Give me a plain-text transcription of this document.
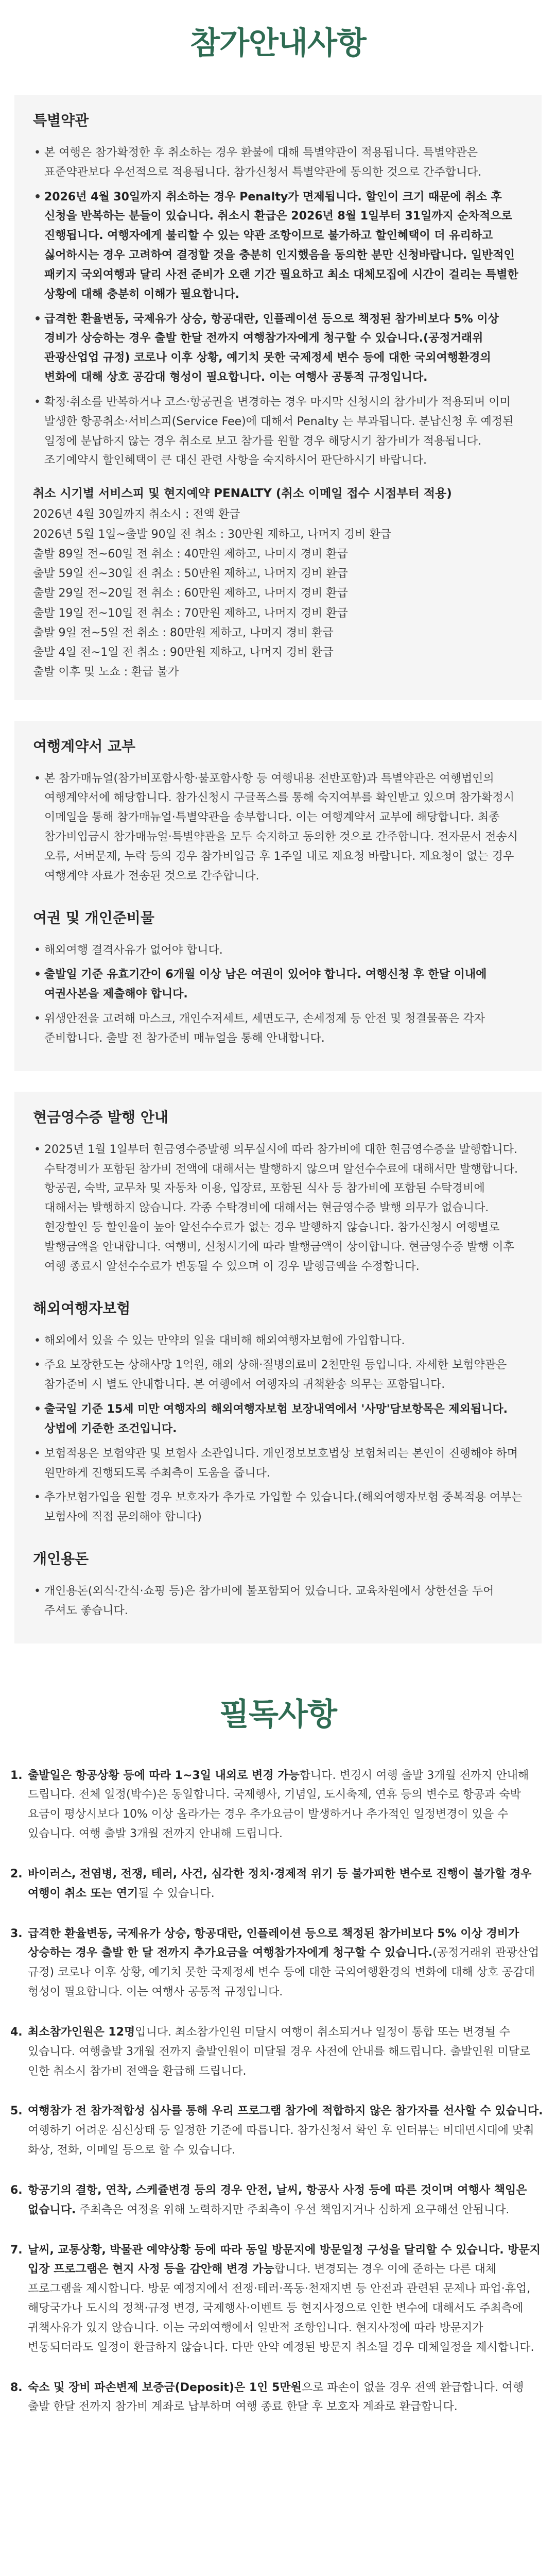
참가안내사항
특별약관
• 본 여행은 참가확정한 후 취소하는 경우 환불에 대해 특별약관이 적용됩니다. 특별약관은 표준약관보다 우선적으로 적용됩니다. 참가신청서 특별약관에 동의한 것으로 간주합니다.
• 2026년 4월 30일까지 취소하는 경우 Penalty가 면제됩니다. 할인이 크기 때문에 취소 후 신청을 반복하는 분들이 있습니다. 취소시 환급은 2026년 8월 1일부터 31일까지 순차적으로 진행됩니다. 여행자에게 불리할 수 있는 약관 조항이므로 불가하고 할인혜택이 더 유리하고 싫어하시는 경우 고려하여 결정할 것을 충분히 인지했음을 동의한 분만 신청바랍니다. 일반적인 패키지 국외여행과 달리 사전 준비가 오랜 기간 필요하고 최소 대체모집에 시간이 걸리는 특별한 상황에 대해 충분히 이해가 필요합니다.
• 급격한 환율변동, 국제유가 상승, 항공대란, 인플레이션 등으로 책정된 참가비보다 5% 이상 경비가 상승하는 경우 출발 한달 전까지 여행참가자에게 청구할 수 있습니다.(공정거래위 관광산업업 규정) 코로나 이후 상황, 예기치 못한 국제정세 변수 등에 대한 국외여행환경의 변화에 대해 상호 공감대 형성이 필요합니다. 이는 여행사 공통적 규정입니다.
• 확정·취소를 반복하거나 코스·항공권을 변경하는 경우 마지막 신청시의 참가비가 적용되며 이미 발생한 항공취소·서비스피(Service Fee)에 대해서 Penalty 는 부과됩니다. 분납신청 후 예정된 일정에 분납하지 않는 경우 취소로 보고 참가를 원할 경우 해당시기 참가비가 적용됩니다. 조기예약시 할인혜택이 큰 대신 관련 사항을 숙지하시어 판단하시기 바랍니다.
취소 시기별 서비스피 및 현지예약 PENALTY (취소 이메일 접수 시점부터 적용)
2026년 4월 30일까지 취소시 : 전액 환급
2026년 5월 1일~출발 90일 전 취소 : 30만원 제하고, 나머지 경비 환급
출발 89일 전~60일 전 취소 : 40만원 제하고, 나머지 경비 환급
출발 59일 전~30일 전 취소 : 50만원 제하고, 나머지 경비 환급
출발 29일 전~20일 전 취소 : 60만원 제하고, 나머지 경비 환급
출발 19일 전~10일 전 취소 : 70만원 제하고, 나머지 경비 환급
출발 9일 전~5일 전 취소 : 80만원 제하고, 나머지 경비 환급
출발 4일 전~1일 전 취소 : 90만원 제하고, 나머지 경비 환급
출발 이후 및 노쇼 : 환급 불가
여행계약서 교부
• 본 참가매뉴얼(참가비포함사항·불포함사항 등 여행내용 전반포함)과 특별약관은 여행법인의 여행계약서에 해당합니다. 참가신청시 구글폭스를 통해 숙지여부를 확인받고 있으며 참가확정시 이메일을 통해 참가매뉴얼·특별약관을 송부합니다. 이는 여행계약서 교부에 해당합니다. 최종 참가비입금시 참가매뉴얼·특별약관을 모두 숙지하고 동의한 것으로 간주합니다. 전자문서 전송시 오류, 서버문제, 누락 등의 경우 참가비입금 후 1주일 내로 재요청 바랍니다. 재요청이 없는 경우 여행계약 자료가 전송된 것으로 간주합니다.
여권 및 개인준비물
• 해외여행 결격사유가 없어야 합니다.
• 출발일 기준 유효기간이 6개월 이상 남은 여권이 있어야 합니다. 여행신청 후 한달 이내에 여권사본을 제출해야 합니다.
• 위생안전을 고려해 마스크, 개인수저세트, 세면도구, 손세정제 등 안전 및 청결물품은 각자 준비합니다. 출발 전 참가준비 매뉴얼을 통해 안내합니다.
현금영수증 발행 안내
• 2025년 1월 1일부터 현금영수증발행 의무실시에 따라 참가비에 대한 현금영수증을 발행합니다. 수탁경비가 포함된 참가비 전액에 대해서는 발행하지 않으며 알선수수료에 대해서만 발행합니다. 항공권, 숙박, 교무차 및 자동차 이용, 입장료, 포함된 식사 등 참가비에 포함된 수탁경비에 대해서는 발행하지 않습니다. 각종 수탁경비에 대해서는 현금영수증 발행 의무가 없습니다. 현장할인 등 할인율이 높아 알선수수료가 없는 경우 발행하지 않습니다. 참가신청시 여행별로 발행금액을 안내합니다. 여행비, 신청시기에 따라 발행금액이 상이합니다. 현금영수증 발행 이후 여행 종료시 알선수수료가 변동될 수 있으며 이 경우 발행금액을 수정합니다.
해외여행자보험
• 해외에서 있을 수 있는 만약의 일을 대비해 해외여행자보험에 가입합니다.
• 주요 보장한도는 상해사망 1억원, 해외 상해·질병의료비 2천만원 등입니다. 자세한 보험약관은 참가준비 시 별도 안내합니다. 본 여행에서 여행자의 귀책환송 의무는 포함됩니다.
• 출국일 기준 15세 미만 여행자의 해외여행자보험 보장내역에서 '사망'담보항목은 제외됩니다. 상법에 기준한 조건입니다.
• 보험적용은 보험약관 및 보험사 소관입니다. 개인정보보호법상 보험처리는 본인이 진행해야 하며 원만하게 진행되도록 주최측이 도움을 줍니다.
• 추가보험가입을 원할 경우 보호자가 추가로 가입할 수 있습니다.(해외여행자보험 중복적용 여부는 보험사에 직접 문의해야 합니다)
개인용돈
• 개인용돈(외식·간식·쇼핑 등)은 참가비에 불포함되어 있습니다. 교육차원에서 상한선을 두어 주셔도 좋습니다.
필독사항
1. 출발일은 항공상황 등에 따라 1~3일 내외로 변경 가능합니다. 변경시 여행 출발 3개월 전까지 안내해 드립니다. 전체 일정(박수)은 동일합니다. 국제행사, 기념일, 도시축제, 연휴 등의 변수로 항공과 숙박 요금이 평상시보다 10% 이상 올라가는 경우 추가요금이 발생하거나 추가적인 일정변경이 있을 수 있습니다. 여행 출발 3개월 전까지 안내해 드립니다.
2. 바이러스, 전염병, 전쟁, 테러, 사건, 심각한 정치·경제적 위기 등 불가피한 변수로 진행이 불가할 경우 여행이 취소 또는 연기될 수 있습니다.
3. 급격한 환율변동, 국제유가 상승, 항공대란, 인플레이션 등으로 책정된 참가비보다 5% 이상 경비가 상승하는 경우 출발 한 달 전까지 추가요금을 여행참가자에게 청구할 수 있습니다.(공정거래위 관광산업 규정) 코로나 이후 상황, 예기치 못한 국제정세 변수 등에 대한 국외여행환경의 변화에 대해 상호 공감대 형성이 필요합니다. 이는 여행사 공통적 규정입니다.
4. 최소참가인원은 12명입니다. 최소참가인원 미달시 여행이 취소되거나 일정이 통합 또는 변경될 수 있습니다. 여행출발 3개월 전까지 출발인원이 미달될 경우 사전에 안내를 해드립니다. 출발인원 미달로 인한 취소시 참가비 전액을 환급해 드립니다.
5. 여행참가 전 참가적합성 심사를 통해 우리 프로그램 참가에 적합하지 않은 참가자를 선사할 수 있습니다. 여행하기 어려운 심신상태 등 일정한 기준에 따릅니다. 참가신청서 확인 후 인터뷰는 비대면시대에 맞춰 화상, 전화, 이메일 등으로 할 수 있습니다.
6. 항공기의 결항, 연착, 스케쥴변경 등의 경우 안전, 날씨, 항공사 사정 등에 따른 것이며 여행사 책임은 없습니다. 주최측은 여정을 위해 노력하지만 주최측이 우선 책임지거나 심하게 요구해선 안됩니다.
7. 날씨, 교통상황, 박물관 예약상황 등에 따라 동일 방문지에 방문일정 구성을 달리할 수 있습니다. 방문지 입장 프로그램은 현지 사정 등을 감안해 변경 가능합니다. 변경되는 경우 이에 준하는 다른 대체 프로그램을 제시합니다. 방문 예정지에서 전쟁·테러·폭동·천재지변 등 안전과 관련된 문제나 파업·휴업, 해당국가나 도시의 정책·규정 변경, 국제행사·이벤트 등 현지사정으로 인한 변수에 대해서도 주최측에 귀책사유가 있지 않습니다. 이는 국외여행에서 일반적 조항입니다. 현지사정에 따라 방문지가 변동되더라도 일정이 환급하지 않습니다. 다만 안약 예정된 방문지 취소될 경우 대체일정을 제시합니다.
8. 숙소 및 장비 파손변제 보증금(Deposit)은 1인 5만원으로 파손이 없을 경우 전액 환급합니다. 여행 출발 한달 전까지 참가비 계좌로 납부하며 여행 종료 한달 후 보호자 계좌로 환급합니다.
